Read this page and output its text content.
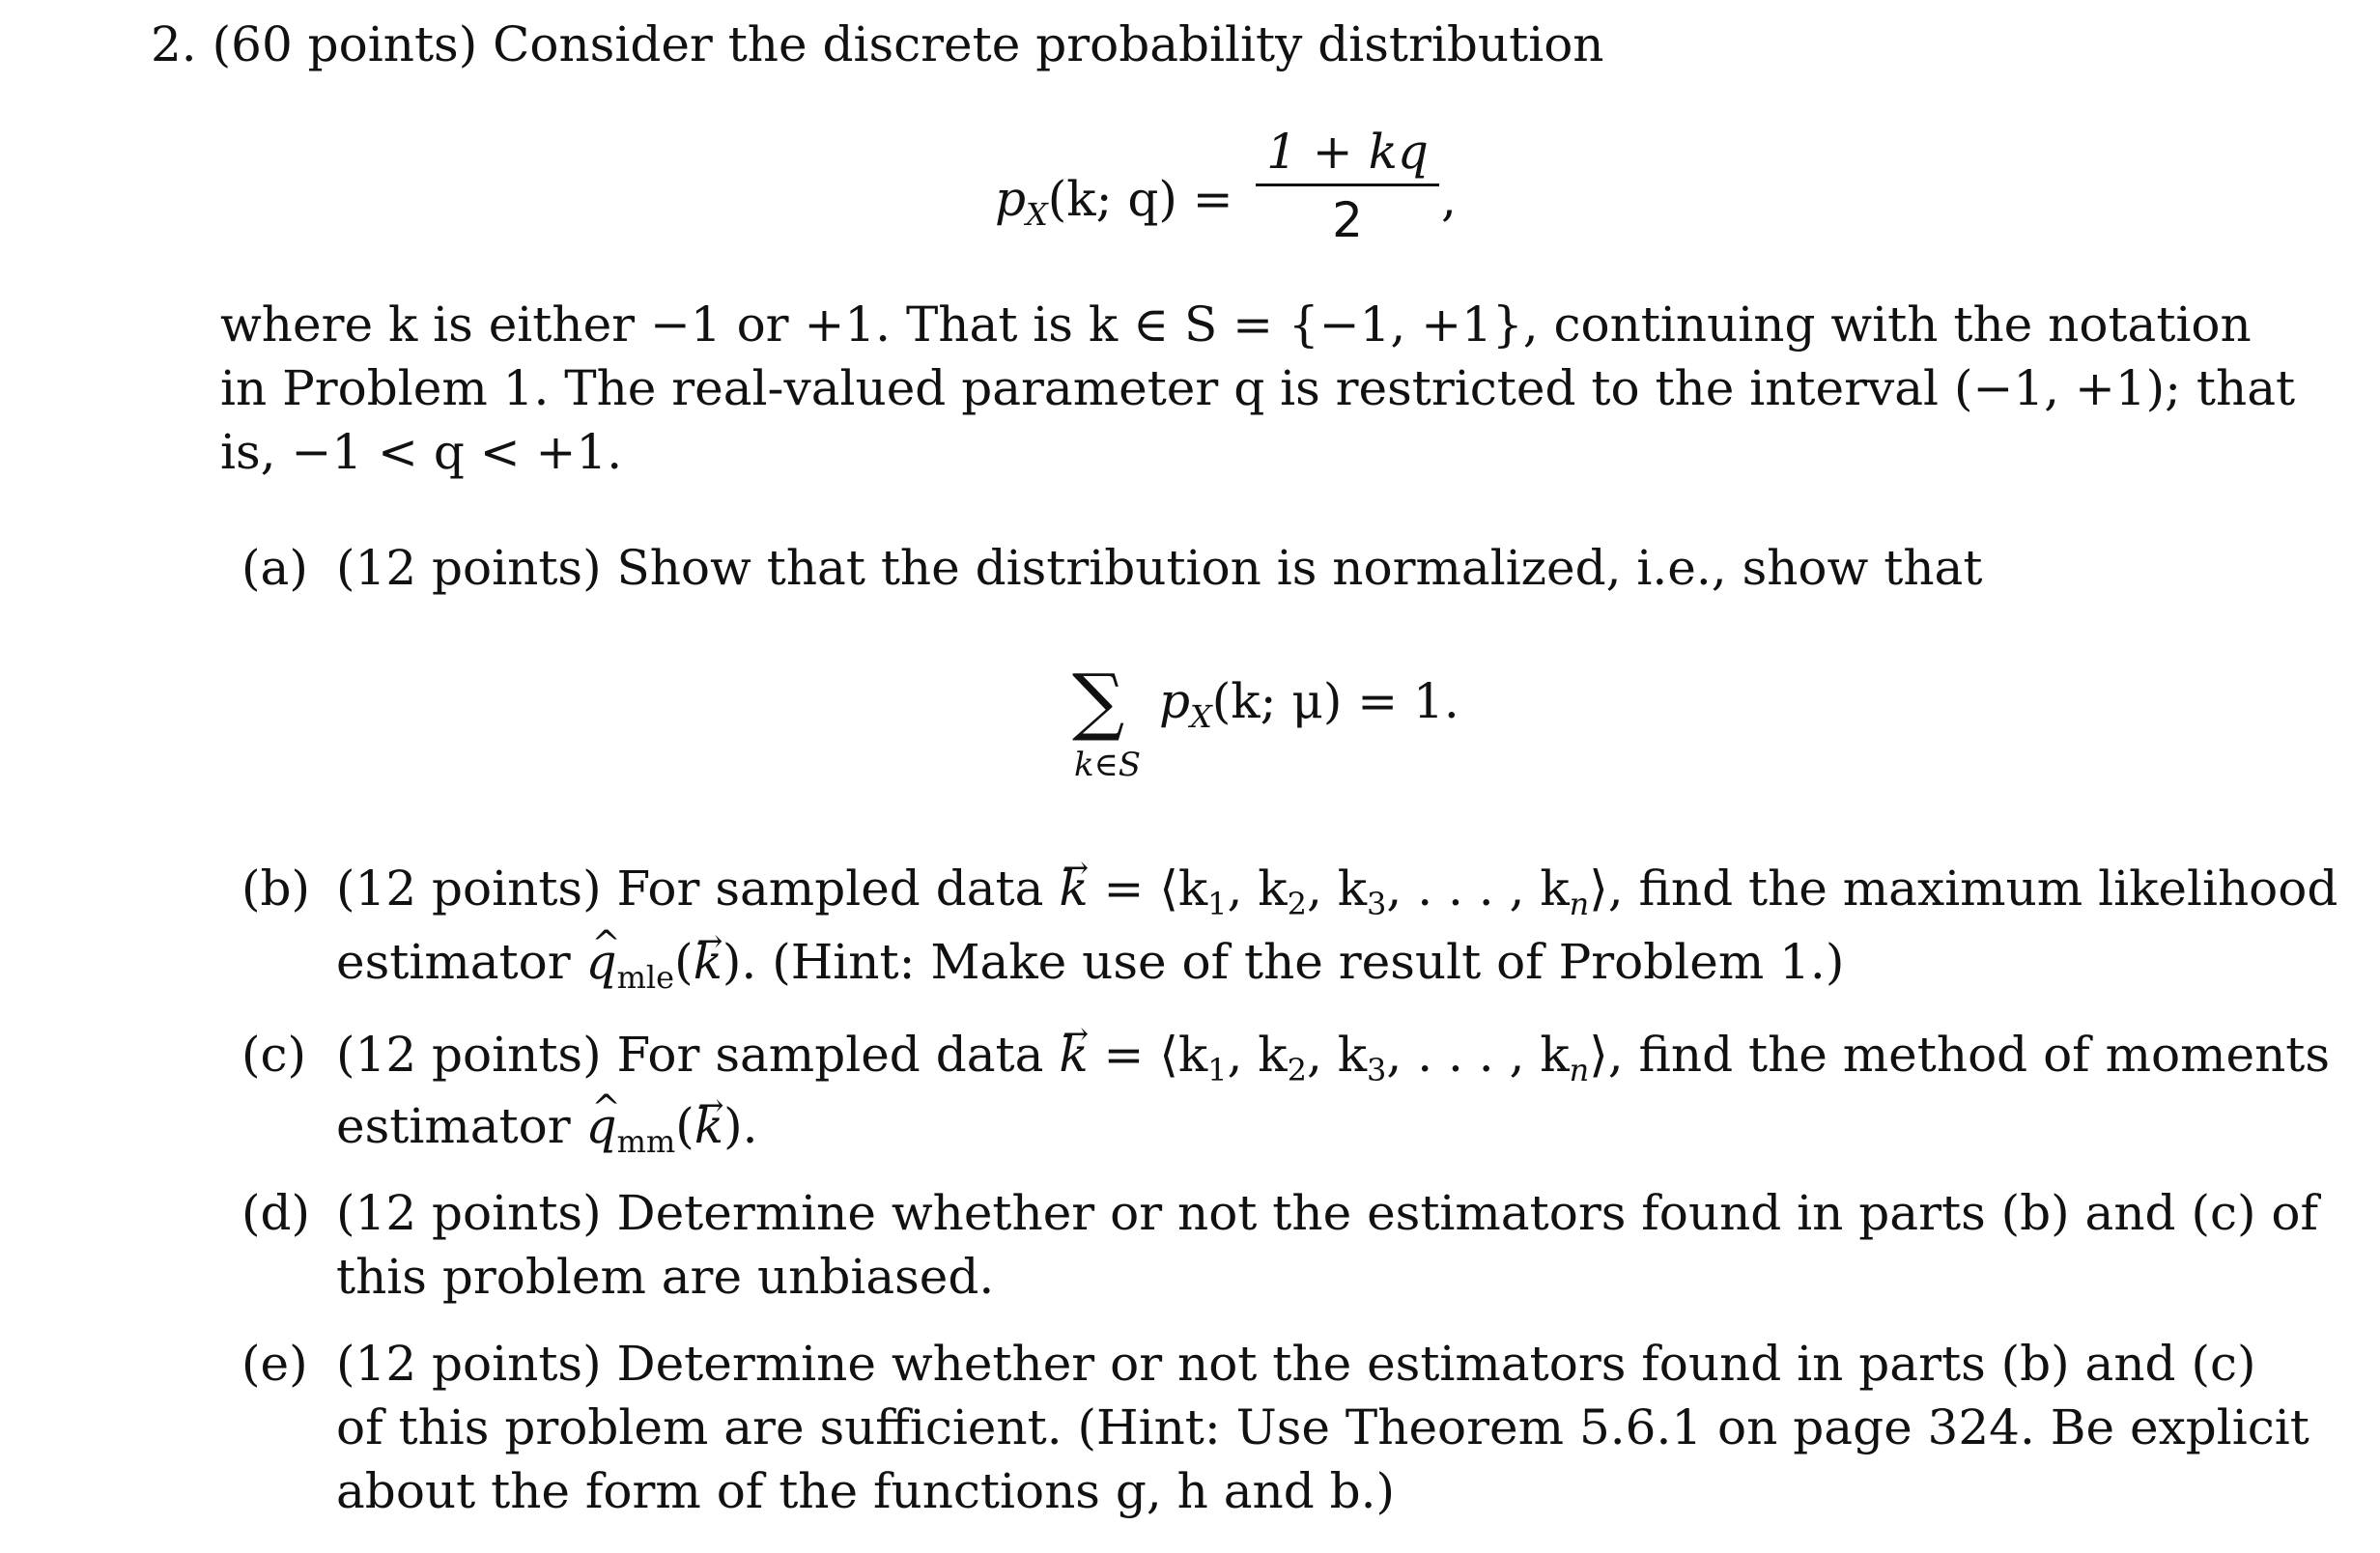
2. (60 points) Consider the discrete probability distribution
$p_X(k$; q) =
1 + kq
2	,
where k is either −1 or +1. That is k ∈ S = {−1, +1}, continuing with the notation
in Problem 1. The real-valued parameter q is restricted to the interval (−1, +1); that
is, −1 < q < +1.
(a) (12 points) Show that the distribution is normalized, i.e., show that
∑
k∈S
$p_X(k$; μ) = 1.
(b) (12 points) For sampled data → $k = ⟨k_1$, $k_2$, $k_3$, . . . , $k_n⟩$, find the maximum likelihood
estimator ^ $q_{mle}(\to k)$. (Hint: Make use of the result of Problem 1.)
(c) (12 points) For sampled data → $k = ⟨k_1$, $k_2$, $k_3$, . . . , $k_n⟩$, find the method of moments
estimator ^ $q_{mm}(\to k)$.
(d) (12 points) Determine whether or not the estimators found in parts (b) and (c) of
this problem are unbiased.
(e) (12 points) Determine whether or not the estimators found in parts (b) and (c)
of this problem are sufficient. (Hint: Use Theorem 5.6.1 on page 324. Be explicit
about the form of the functions g, h and b.)
